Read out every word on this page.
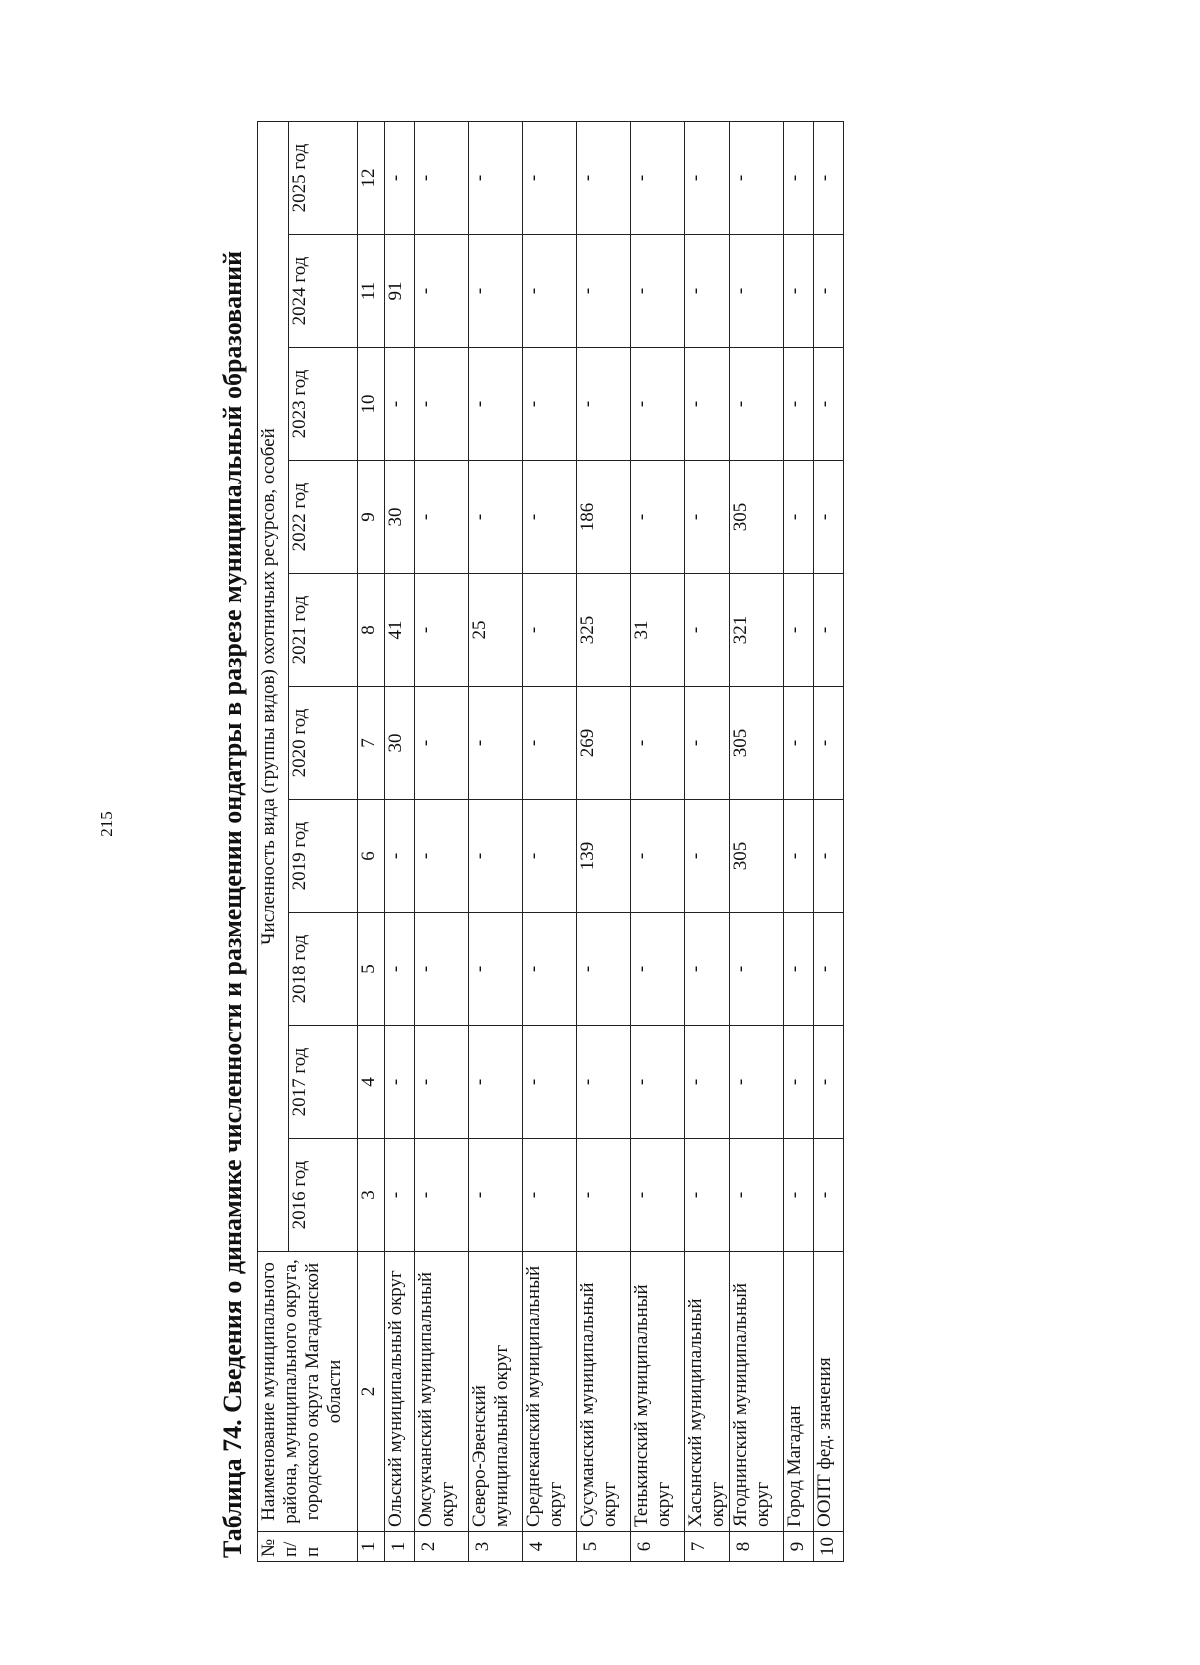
215	Таблица 74. Сведения о динамике численности и размещении ондатры в разрезе муниципальный образований № п/п	Наименование муниципального района, муниципального округа, городского округа Магаданской области	Численность вида (группы видов) охотничьих ресурсов, особей									
		2016 год	2017 год	2018 год	2019 год	2020 год	2021 год	2022 год	2023 год	2024 год	2025 год
1	2	3	4	5	6	7	8	9	10	11	12
1	Ольский муниципальный округ	-	-	-	-	30	41	30	-	91	-
2	Омсукчанский муниципальный округ	-	-	-	-	-	-	-	-	-	-
3	Северо-Эвенский муниципальный округ	-	-	-	-	-	25	-	-	-	-
4	Среднеканский муниципальный округ	-	-	-	-	-	-	-	-	-	-
5	Сусуманский муниципальный округ	-	-	-	139	269	325	186	-	-	-
6	Тенькинский муниципальный округ	-	-	-	-	-	31	-	-	-	-
7	Хасынский муниципальный округ	-	-	-	-	-	-	-	-	-	-
8	Ягоднинский муниципальный округ	-	-	-	305	305	321	305	-	-	-
9	Город Магадан	-	-	-	-	-	-	-	-	-	-
10	ООПТ фед. значения	-	-	-	-	-	-	-	-	-	-
